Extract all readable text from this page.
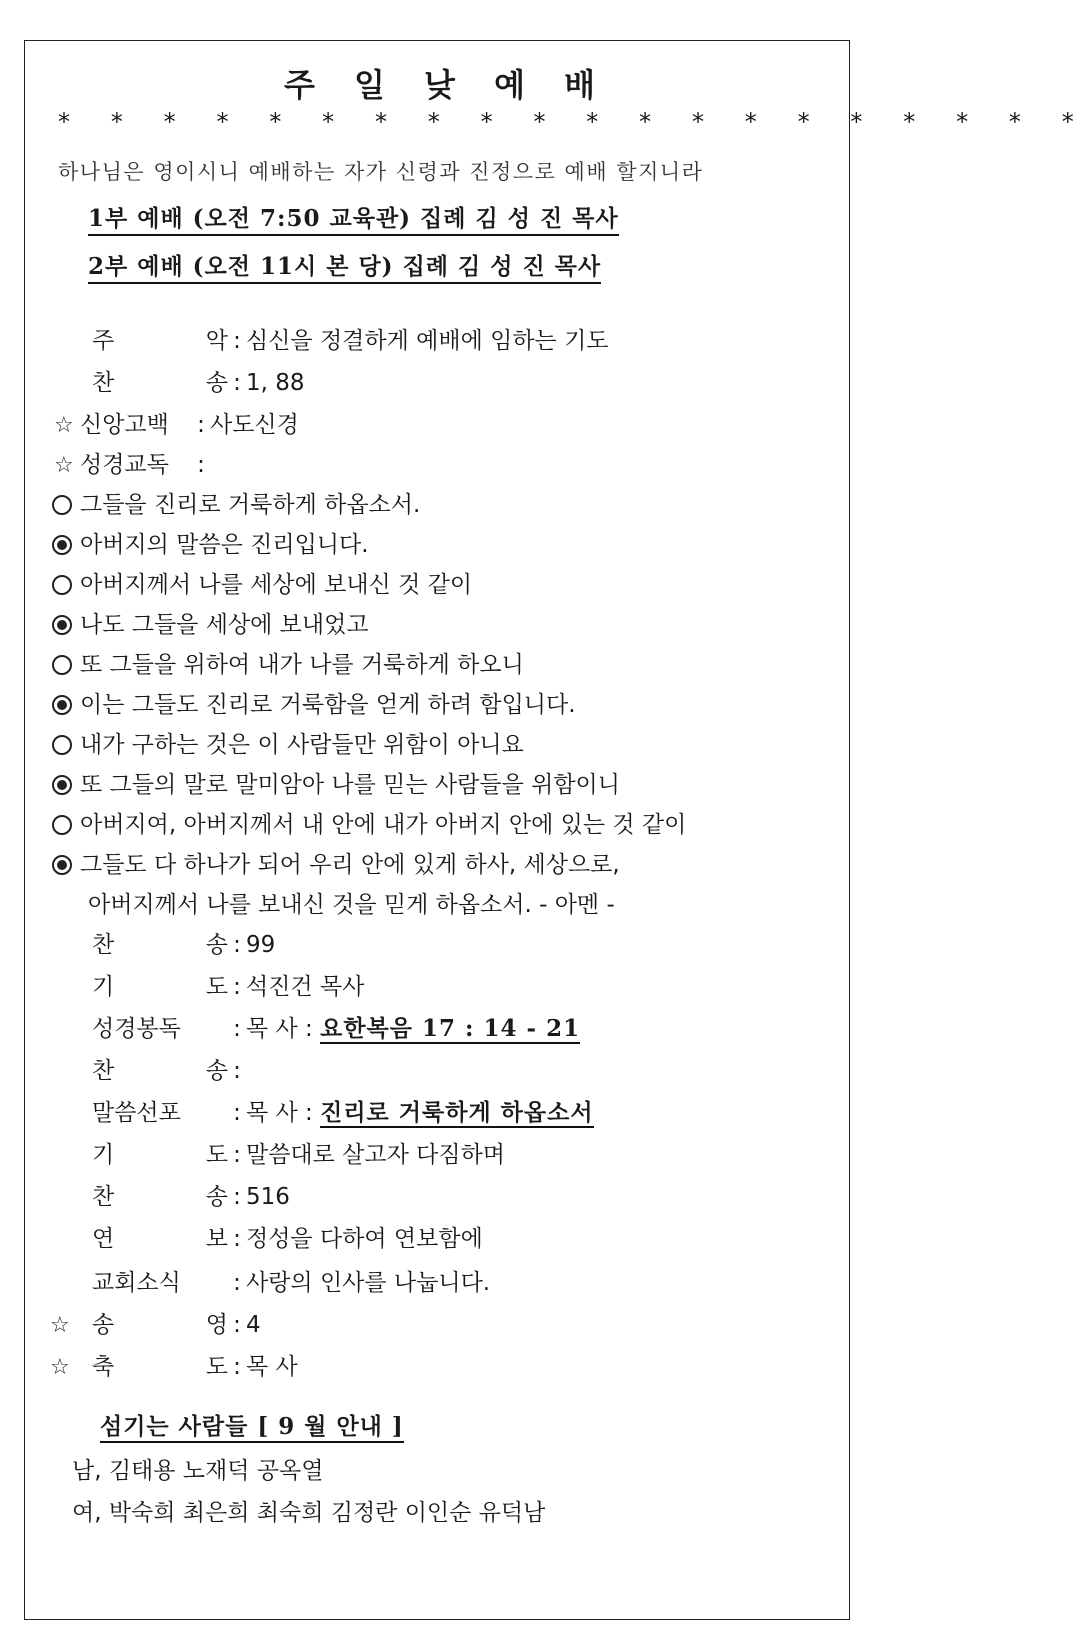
주 일 낮 예 배
* * * * * * * * * * * * * * * * * * * *
하나님은 영이시니 예배하는 자가 신령과 진정으로 예배 할지니라
1부 예배 (오전 7:50 교육관) 집례 김 성 진 목사
2부 예배 (오전 11시 본 당) 집례 김 성 진 목사
주 악 : 심신을 정결하게 예배에 임하는 기도
찬 송 : 1, 88
☆ 신앙고백 : 사도신경
☆ 성경교독 :
그들을 진리로 거룩하게 하옵소서.
아버지의 말씀은 진리입니다.
아버지께서 나를 세상에 보내신 것 같이
나도 그들을 세상에 보내었고
또 그들을 위하여 내가 나를 거룩하게 하오니
이는 그들도 진리로 거룩함을 얻게 하려 함입니다.
내가 구하는 것은 이 사람들만 위함이 아니요
또 그들의 말로 말미암아 나를 믿는 사람들을 위함이니
아버지여, 아버지께서 내 안에 내가 아버지 안에 있는 것 같이
그들도 다 하나가 되어 우리 안에 있게 하사, 세상으로,
아버지께서 나를 보내신 것을 믿게 하옵소서. - 아멘 -
찬 송 : 99
기 도 : 석진건 목사
성경봉독 : 목 사 : 요한복음 17 : 14 - 21
찬 송 :
말씀선포 : 목 사 : 진리로 거룩하게 하옵소서
기 도 : 말씀대로 살고자 다짐하며
찬 송 : 516
연 보 : 정성을 다하여 연보함에
교회소식 : 사랑의 인사를 나눕니다.
☆ 송 영 : 4
☆ 축 도 : 목 사
섬기는 사람들 [ 9 월 안내 ]
남, 김태용 노재덕 공옥열
여, 박숙희 최은희 최숙희 김정란 이인순 유덕남
